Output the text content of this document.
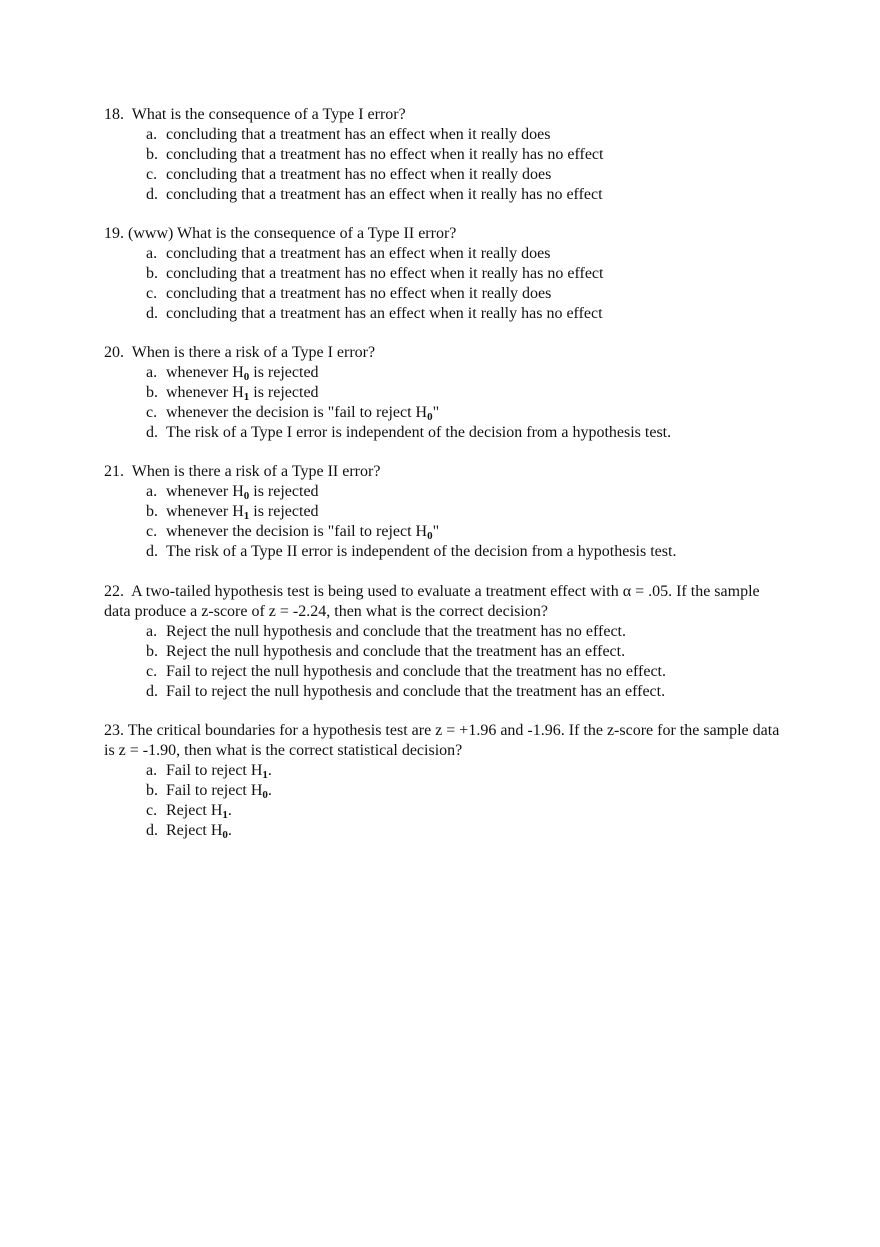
18. What is the consequence of a Type I error?

a. concluding that a treatment has an effect when it really does
b. concluding that a treatment has no effect when it really has no effect
c. concluding that a treatment has no effect when it really does
d. concluding that a treatment has an effect when it really has no effect

19. (www) What is the consequence of a Type II error?

a. concluding that a treatment has an effect when it really does
b. concluding that a treatment has no effect when it really has no effect
c. concluding that a treatment has no effect when it really does
d. concluding that a treatment has an effect when it really has no effect

20. When is there a risk of a Type I error?

a. whenever $H_0$ is rejected
b. whenever $H_1$ is rejected
c. whenever the decision is "fail to reject $H_0$"
d. The risk of a Type I error is independent of the decision from a hypothesis test.

21. When is there a risk of a Type II error?

a. whenever $H_0$ is rejected
b. whenever $H_1$ is rejected
c. whenever the decision is "fail to reject $H_0$"
d. The risk of a Type II error is independent of the decision from a hypothesis test.

22. A two-tailed hypothesis test is being used to evaluate a treatment effect with α = .05. If the sample data produce a z-score of z = -2.24, then what is the correct decision?

a. Reject the null hypothesis and conclude that the treatment has no effect.
b. Reject the null hypothesis and conclude that the treatment has an effect.
c. Fail to reject the null hypothesis and conclude that the treatment has no effect.
d. Fail to reject the null hypothesis and conclude that the treatment has an effect.

23. The critical boundaries for a hypothesis test are z = +1.96 and -1.96. If the z-score for the sample data is z = -1.90, then what is the correct statistical decision?

a. Fail to reject $H_1$.
b. Fail to reject $H_0$.
c. Reject $H_1$.
d. Reject $H_0$.
